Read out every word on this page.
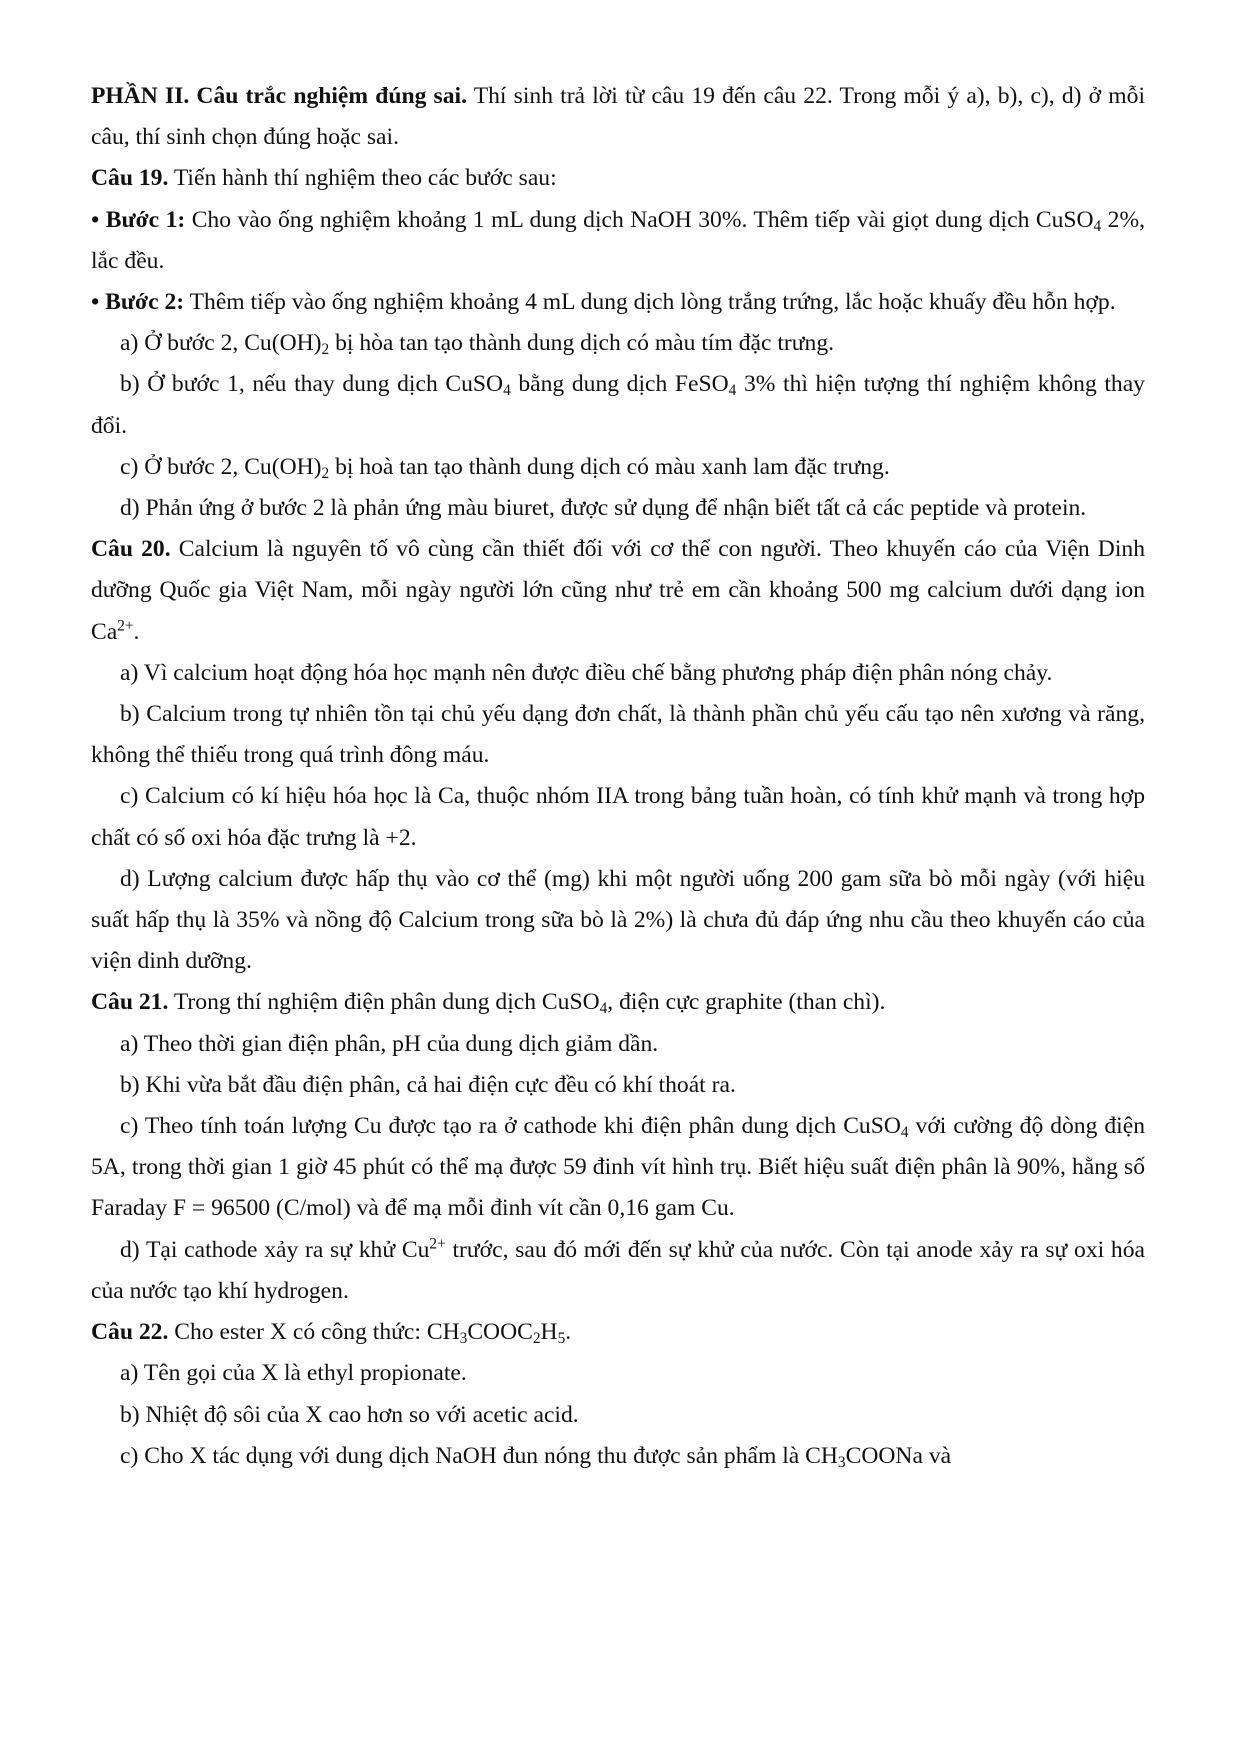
PHẦN II. Câu trắc nghiệm đúng sai. Thí sinh trả lời từ câu 19 đến câu 22. Trong mỗi ý a), b), c), d) ở mỗi câu, thí sinh chọn đúng hoặc sai.

Câu 19. Tiến hành thí nghiệm theo các bước sau:

• Bước 1: Cho vào ống nghiệm khoảng 1 mL dung dịch NaOH 30%. Thêm tiếp vài giọt dung dịch CuSO$_4$ 2%, lắc đều.

• Bước 2: Thêm tiếp vào ống nghiệm khoảng 4 mL dung dịch lòng trắng trứng, lắc hoặc khuấy đều hỗn hợp.

a) Ở bước 2, $Cu(OH)_2$ bị hòa tan tạo thành dung dịch có màu tím đặc trưng.

b) Ở bước 1, nếu thay dung dịch CuSO$_4$ bằng dung dịch FeSO$_4$ 3% thì hiện tượng thí nghiệm không thay đổi.

c) Ở bước 2, $Cu(OH)_2$ bị hoà tan tạo thành dung dịch có màu xanh lam đặc trưng.

d) Phản ứng ở bước 2 là phản ứng màu biuret, được sử dụng để nhận biết tất cả các peptide và protein.

Câu 20. Calcium là nguyên tố vô cùng cần thiết đối với cơ thể con người. Theo khuyến cáo của Viện Dinh dưỡng Quốc gia Việt Nam, mỗi ngày người lớn cũng như trẻ em cần khoảng 500 mg calcium dưới dạng ion $Ca^{2+}$.

a) Vì calcium hoạt động hóa học mạnh nên được điều chế bằng phương pháp điện phân nóng chảy.

b) Calcium trong tự nhiên tồn tại chủ yếu dạng đơn chất, là thành phần chủ yếu cấu tạo nên xương và răng, không thể thiếu trong quá trình đông máu.

c) Calcium có kí hiệu hóa học là Ca, thuộc nhóm IIA trong bảng tuần hoàn, có tính khử mạnh và trong hợp chất có số oxi hóa đặc trưng là +2.

d) Lượng calcium được hấp thụ vào cơ thể (mg) khi một người uống 200 gam sữa bò mỗi ngày (với hiệu suất hấp thụ là 35% và nồng độ Calcium trong sữa bò là 2%) là chưa đủ đáp ứng nhu cầu theo khuyến cáo của viện dinh dưỡng.

Câu 21. Trong thí nghiệm điện phân dung dịch CuSO$_4$, điện cực graphite (than chì).

a) Theo thời gian điện phân, pH của dung dịch giảm dần.

b) Khi vừa bắt đầu điện phân, cả hai điện cực đều có khí thoát ra.

c) Theo tính toán lượng Cu được tạo ra ở cathode khi điện phân dung dịch CuSO$_4$ với cường độ dòng điện 5A, trong thời gian 1 giờ 45 phút có thể mạ được 59 đinh vít hình trụ. Biết hiệu suất điện phân là 90%, hằng số Faraday F = 96500 (C/mol) và để mạ mỗi đinh vít cần 0,16 gam Cu.

d) Tại cathode xảy ra sự khử $Cu^{2+}$ trước, sau đó mới đến sự khử của nước. Còn tại anode xảy ra sự oxi hóa của nước tạo khí hydrogen.

Câu 22. Cho ester X có công thức: $CH_3COOC_2H_5$.

a) Tên gọi của X là ethyl propionate.

b) Nhiệt độ sôi của X cao hơn so với acetic acid.

c) Cho X tác dụng với dung dịch NaOH đun nóng thu được sản phẩm là $CH_3COONa$ và
